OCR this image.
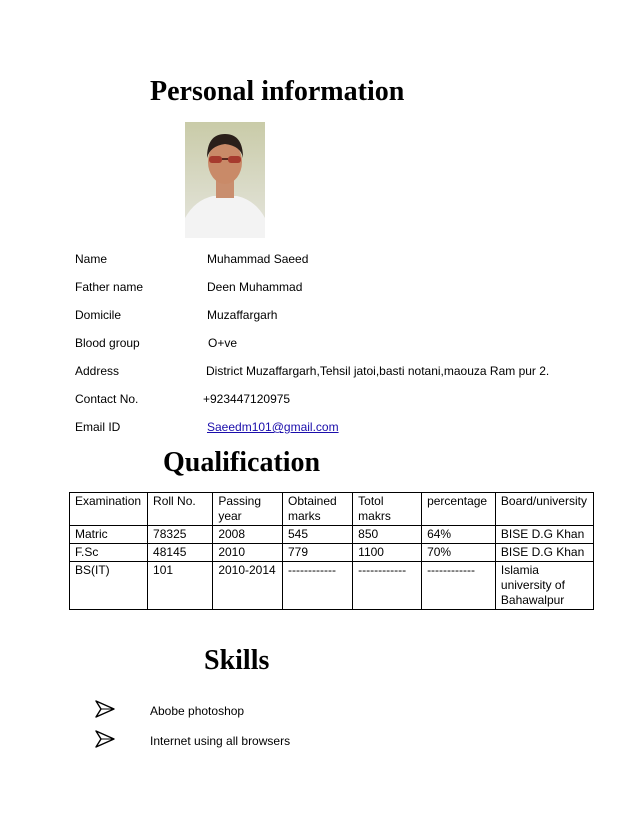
Personal information
Name	Muhammad Saeed
Father name	Deen Muhammad
Domicile	Muzaffargarh
Blood group	O+ve
Address	District Muzaffargarh,Tehsil jatoi,basti notani,maouza Ram pur 2.
Contact No.	+923447120975
Email ID	Saeedm101@gmail.com
Qualification
Examination	Roll No.	Passing year	Obtained marks	Totol makrs	percentage	Board/university
Matric	78325	2008	545	850	64%	BISE D.G Khan
F.Sc	48145	2010	779	1100	70%	BISE D.G Khan
BS(IT)	101	2010-2014	------------	------------	------------	Islamia university of Bahawalpur
Skills
Abobe photoshop
Internet using all browsers
